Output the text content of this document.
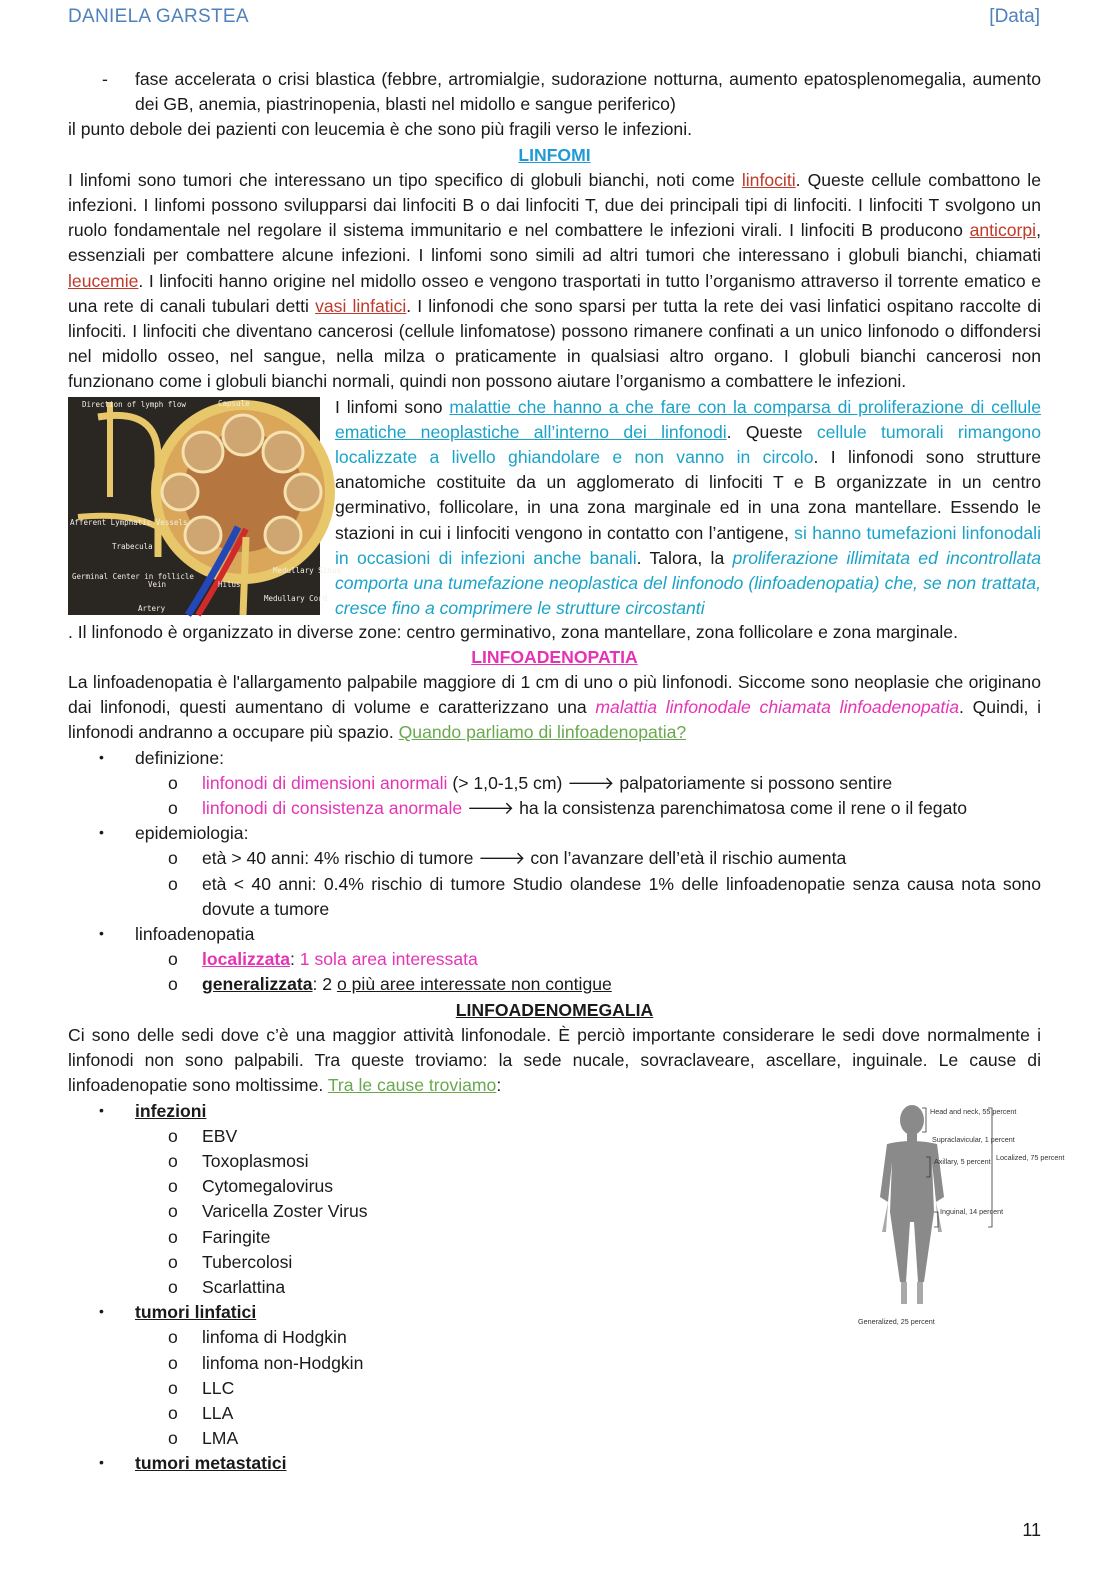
DANIELA GARSTEA	[Data]
- fase accelerata o crisi blastica (febbre, artromialgie, sudorazione notturna, aumento epatosplenomegalia, aumento dei GB, anemia, piastrinopenia, blasti nel midollo e sangue periferico)

il punto debole dei pazienti con leucemia è che sono più fragili verso le infezioni.

LINFOMI

I linfomi sono tumori che interessano un tipo specifico di globuli bianchi, noti come linfociti. Queste cellule combattono le infezioni. I linfomi possono svilupparsi dai linfociti B o dai linfociti T, due dei principali tipi di linfociti. I linfociti T svolgono un ruolo fondamentale nel regolare il sistema immunitario e nel combattere le infezioni virali. I linfociti B producono anticorpi, essenziali per combattere alcune infezioni. I linfomi sono simili ad altri tumori che interessano i globuli bianchi, chiamati leucemie. I linfociti hanno origine nel midollo osseo e vengono trasportati in tutto l’organismo attraverso il torrente ematico e una rete di canali tubulari detti vasi linfatici. I linfonodi che sono sparsi per tutta la rete dei vasi linfatici ospitano raccolte di linfociti. I linfociti che diventano cancerosi (cellule linfomatose) possono rimanere confinati a un unico linfonodo o diffondersi nel midollo osseo, nel sangue, nella milza o praticamente in qualsiasi altro organo. I globuli bianchi cancerosi non funzionano come i globuli bianchi normali, quindi non possono aiutare l’organismo a combattere le infezioni.

Direction of lymph flow	Capsule
Afferent Lymphatic Vessels
Trabecula
Germinal Center in follicle
Vein
Artery
Hilus
Medullary Sinus
Medullary Cord

I linfomi sono malattie che hanno a che fare con la comparsa di proliferazione di cellule ematiche neoplastiche all’interno dei linfonodi. Queste cellule tumorali rimangono localizzate a livello ghiandolare e non vanno in circolo. I linfonodi sono strutture anatomiche costituite da un agglomerato di linfociti T e B organizzate in un centro germinativo, follicolare, in una zona marginale ed in una zona mantellare. Essendo le stazioni in cui i linfociti vengono in contatto con l’antigene, si hanno tumefazioni linfonodali in occasioni di infezioni anche banali. Talora, la proliferazione illimitata ed incontrollata comporta una tumefazione neoplastica del linfonodo (linfoadenopatia) che, se non trattata, cresce fino a comprimere le strutture circostanti

. Il linfonodo è organizzato in diverse zone: centro germinativo, zona mantellare, zona follicolare e zona marginale.

LINFOADENOPATIA

La linfoadenopatia è l'allargamento palpabile maggiore di 1 cm di uno o più linfonodi. Siccome sono neoplasie che originano dai linfonodi, questi aumentano di volume e caratterizzano una malattia linfonodale chiamata linfoadenopatia. Quindi, i linfonodi andranno a occupare più spazio. Quando parliamo di linfoadenopatia?

• definizione:
o linfonodi di dimensioni anormali (> 1,0-1,5 cm) 🡒 palpatoriamente si possono sentire
o linfonodi di consistenza anormale 🡒 ha la consistenza parenchimatosa come il rene o il fegato
• epidemiologia:
o età > 40 anni: 4% rischio di tumore 🡒 con l’avanzare dell’età il rischio aumenta
o età < 40 anni: 0.4% rischio di tumore Studio olandese 1% delle linfoadenopatie senza causa nota sono dovute a tumore
• linfoadenopatia
o localizzata: 1 sola area interessata
o generalizzata: 2 o più aree interessate non contigue

LINFOADENOMEGALIA

Ci sono delle sedi dove c’è una maggior attività linfonodale. È perciò importante considerare le sedi dove normalmente i linfonodi non sono palpabili. Tra queste troviamo: la sede nucale, sovraclaveare, ascellare, inguinale. Le cause di linfoadenopatie sono moltissime. Tra le cause troviamo:

• infezioni
o EBV
o Toxoplasmosi
o Cytomegalovirus
o Varicella Zoster Virus
o Faringite
o Tubercolosi
o Scarlattina
• tumori linfatici
o linfoma di Hodgkin
o linfoma non-Hodgkin
o LLC
o LLA
o LMA
• tumori metastatici
Head and neck, 55 percent
Supraclavicular, 1 percent
Axillary, 5 percent
Inguinal, 14 percent
Localized, 75 percent
Generalized, 25 percent
11
